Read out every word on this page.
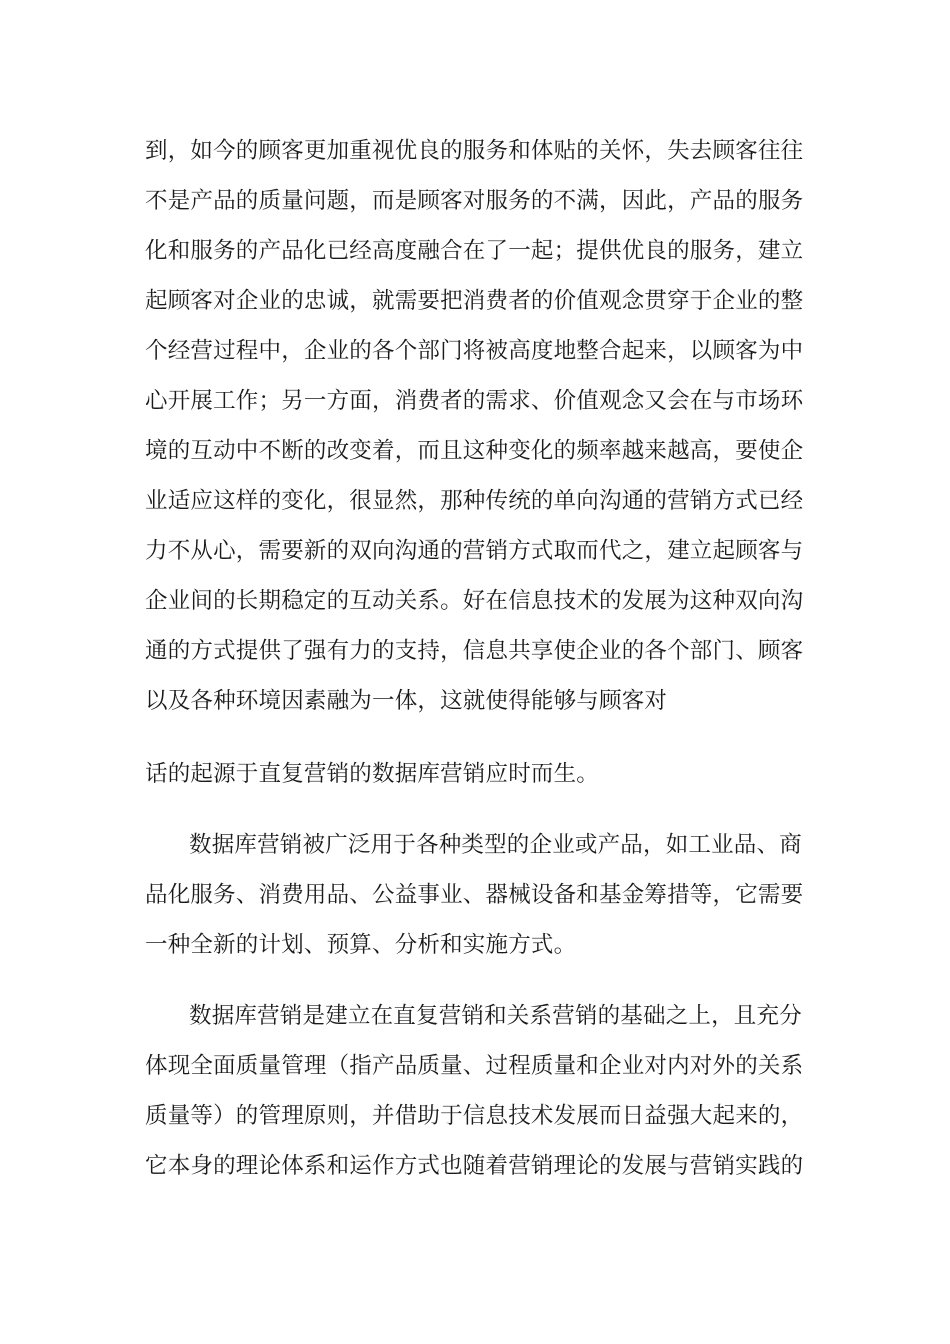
到，如今的顾客更加重视优良的服务和体贴的关怀，失去顾客往往
不是产品的质量问题，而是顾客对服务的不满，因此，产品的服务
化和服务的产品化已经高度融合在了一起；提供优良的服务，建立
起顾客对企业的忠诚，就需要把消费者的价值观念贯穿于企业的整
个经营过程中，企业的各个部门将被高度地整合起来，以顾客为中
心开展工作；另一方面，消费者的需求、价值观念又会在与市场环
境的互动中不断的改变着，而且这种变化的频率越来越高，要使企
业适应这样的变化，很显然，那种传统的单向沟通的营销方式已经
力不从心，需要新的双向沟通的营销方式取而代之，建立起顾客与
企业间的长期稳定的互动关系。好在信息技术的发展为这种双向沟
通的方式提供了强有力的支持，信息共享使企业的各个部门、顾客
以及各种环境因素融为一体，这就使得能够与顾客对
话的起源于直复营销的数据库营销应时而生。
数据库营销被广泛用于各种类型的企业或产品，如工业品、商
品化服务、消费用品、公益事业、器械设备和基金筹措等，它需要
一种全新的计划、预算、分析和实施方式。
数据库营销是建立在直复营销和关系营销的基础之上，且充分
体现全面质量管理（指产品质量、过程质量和企业对内对外的关系
质量等）的管理原则，并借助于信息技术发展而日益强大起来的，
它本身的理论体系和运作方式也随着营销理论的发展与营销实践的
